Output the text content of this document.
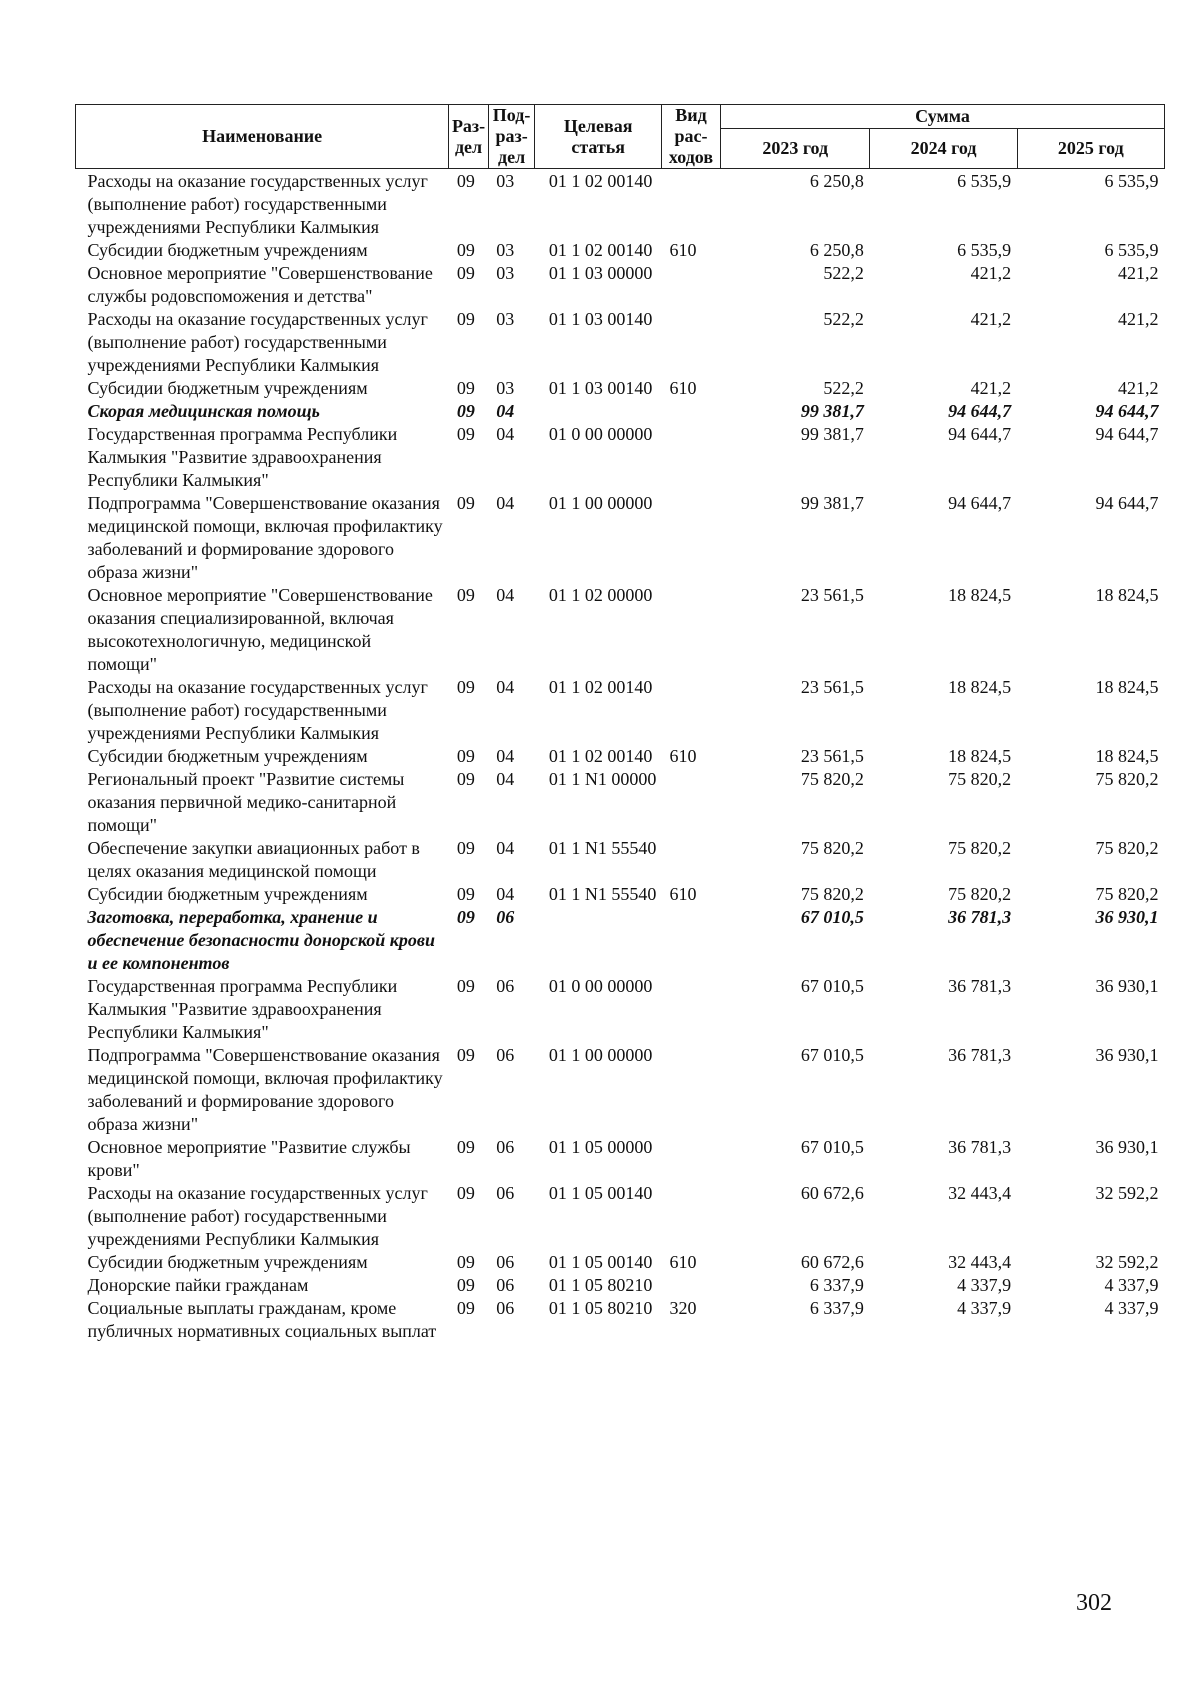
Наименование	Раз-дел	Под-раз-дел	Целевая статья	Вид рас-ходов	Сумма		
					2023 год	2024 год	2025 год
Расходы на оказание государственных услуг (выполнение работ) государственными учреждениями Республики Калмыкия	09	03	01 1 02 00140		6 250,8	6 535,9	6 535,9
Субсидии бюджетным учреждениям	09	03	01 1 02 00140	610	6 250,8	6 535,9	6 535,9
Основное мероприятие "Совершенствование службы родовспоможения и детства"	09	03	01 1 03 00000		522,2	421,2	421,2
Расходы на оказание государственных услуг (выполнение работ) государственными учреждениями Республики Калмыкия	09	03	01 1 03 00140		522,2	421,2	421,2
Субсидии бюджетным учреждениям	09	03	01 1 03 00140	610	522,2	421,2	421,2
Скорая медицинская помощь	09	04			99 381,7	94 644,7	94 644,7
Государственная программа Республики Калмыкия "Развитие здравоохранения Республики Калмыкия"	09	04	01 0 00 00000		99 381,7	94 644,7	94 644,7
Подпрограмма "Совершенствование оказания медицинской помощи, включая профилактику заболеваний и формирование здорового образа жизни"	09	04	01 1 00 00000		99 381,7	94 644,7	94 644,7
Основное мероприятие "Совершенствование оказания специализированной, включая высокотехнологичную, медицинской помощи"	09	04	01 1 02 00000		23 561,5	18 824,5	18 824,5
Расходы на оказание государственных услуг (выполнение работ) государственными учреждениями Республики Калмыкия	09	04	01 1 02 00140		23 561,5	18 824,5	18 824,5
Субсидии бюджетным учреждениям	09	04	01 1 02 00140	610	23 561,5	18 824,5	18 824,5
Региональный проект "Развитие системы оказания первичной медико-санитарной помощи"	09	04	01 1 N1 00000		75 820,2	75 820,2	75 820,2
Обеспечение закупки авиационных работ в целях оказания медицинской помощи	09	04	01 1 N1 55540		75 820,2	75 820,2	75 820,2
Субсидии бюджетным учреждениям	09	04	01 1 N1 55540	610	75 820,2	75 820,2	75 820,2
Заготовка, переработка, хранение и обеспечение безопасности донорской крови и ее компонентов	09	06			67 010,5	36 781,3	36 930,1
Государственная программа Республики Калмыкия "Развитие здравоохранения Республики Калмыкия"	09	06	01 0 00 00000		67 010,5	36 781,3	36 930,1
Подпрограмма "Совершенствование оказания медицинской помощи, включая профилактику заболеваний и формирование здорового образа жизни"	09	06	01 1 00 00000		67 010,5	36 781,3	36 930,1
Основное мероприятие "Развитие службы крови"	09	06	01 1 05 00000		67 010,5	36 781,3	36 930,1
Расходы на оказание государственных услуг (выполнение работ) государственными учреждениями Республики Калмыкия	09	06	01 1 05 00140		60 672,6	32 443,4	32 592,2
Субсидии бюджетным учреждениям	09	06	01 1 05 00140	610	60 672,6	32 443,4	32 592,2
Донорские пайки гражданам	09	06	01 1 05 80210		6 337,9	4 337,9	4 337,9
Социальные выплаты гражданам, кроме публичных нормативных социальных выплат	09	06	01 1 05 80210	320	6 337,9	4 337,9	4 337,9
302
